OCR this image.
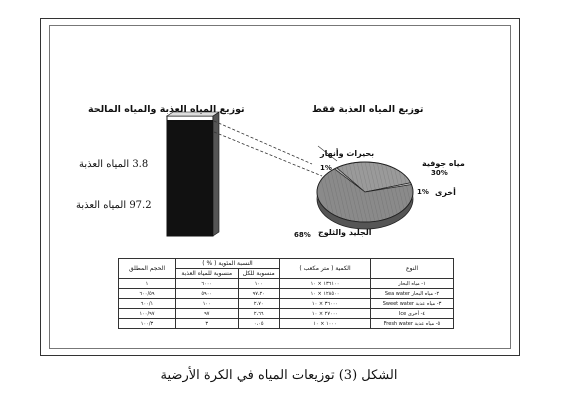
توزيع المياه العذبة والمياه المالحة	توزيع المياه العذبة فقط
3.8 المياه العذبة
97.2 المياه العذبة
بحيرات وأنهار
1%	مياه جوفية
30%
أخرى
1%
الجليد والثلوج
68%
النوع	الكمية ( متر مكعب )	النسبة المئوية ( % )		الحجم المطلق
		منسوبة للكل	منسوبة للمياه العذبة	
١- مياه البحار	١٣٦١٠٠ × ١٠	١٠٠	٦٠٠٠	١
٢- مياه البحار Sea water	١٢٨٥٠٠ × ١٠	٩٧،٢٠	٥٩٠٠	٦٠٠/٥٩
٣- مياه عذبة Sweet water	٣٦٠٠٠ × ١٠	٢،٧٠	١٠٠	٦٠٠/١
٤- أخرى Ice	٢٧٠٠٠ × ١٠	٢،٦٦	٩٧	١٠٠/٩٧
٥- مياه عذبة Fresh water	١٠٠٠ × ١٠	٠،٠٥	٣	١٠٠/٣
الشكل (3) توزيعات المياه في الكرة الأرضية
